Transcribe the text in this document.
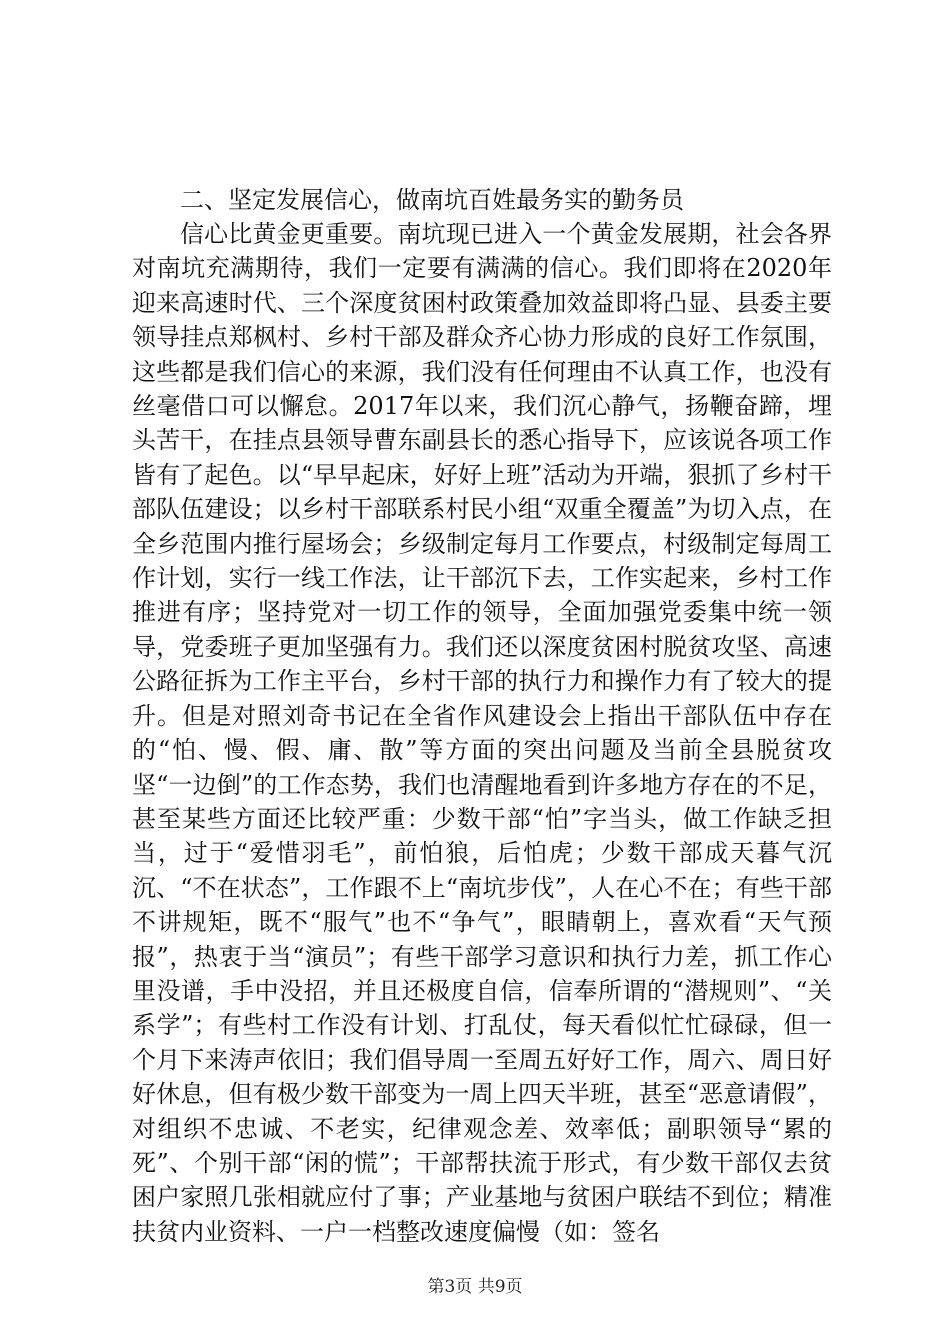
二、坚定发展信心，做南坑百姓最务实的勤务员

信心比黄金更重要。南坑现已进入一个黄金发展期，社会各界对南坑充满期待，我们一定要有满满的信心。我们即将在2020年迎来高速时代、三个深度贫困村政策叠加效益即将凸显、县委主要领导挂点郑枫村、乡村干部及群众齐心协力形成的良好工作氛围，这些都是我们信心的来源，我们没有任何理由不认真工作，也没有丝毫借口可以懈怠。2017年以来，我们沉心静气，扬鞭奋蹄，埋头苦干，在挂点县领导曹东副县长的悉心指导下，应该说各项工作皆有了起色。以“早早起床，好好上班”活动为开端，狠抓了乡村干部队伍建设；以乡村干部联系村民小组“双重全覆盖”为切入点，在全乡范围内推行屋场会；乡级制定每月工作要点，村级制定每周工作计划，实行一线工作法，让干部沉下去，工作实起来，乡村工作推进有序；坚持党对一切工作的领导，全面加强党委集中统一领导，党委班子更加坚强有力。我们还以深度贫困村脱贫攻坚、高速公路征拆为工作主平台，乡村干部的执行力和操作力有了较大的提升。但是对照刘奇书记在全省作风建设会上指出干部队伍中存在的“怕、慢、假、庸、散”等方面的突出问题及当前全县脱贫攻坚“一边倒”的工作态势，我们也清醒地看到许多地方存在的不足，甚至某些方面还比较严重：少数干部“怕”字当头，做工作缺乏担当，过于“爱惜羽毛”，前怕狼，后怕虎；少数干部成天暮气沉沉、“不在状态”，工作跟不上“南坑步伐”，人在心不在；有些干部不讲规矩，既不“服气”也不“争气”，眼睛朝上，喜欢看“天气预报”，热衷于当“演员”；有些干部学习意识和执行力差，抓工作心里没谱，手中没招，并且还极度自信，信奉所谓的“潜规则”、“关系学”；有些村工作没有计划、打乱仗，每天看似忙忙碌碌，但一个月下来涛声依旧；我们倡导周一至周五好好工作，周六、周日好好休息，但有极少数干部变为一周上四天半班，甚至“恶意请假”，对组织不忠诚、不老实，纪律观念差、效率低；副职领导“累的死”、个别干部“闲的慌”；干部帮扶流于形式，有少数干部仅去贫困户家照几张相就应付了事；产业基地与贫困户联结不到位；精准扶贫内业资料、一户一档整改速度偏慢（如：签名

第3页 共9页
